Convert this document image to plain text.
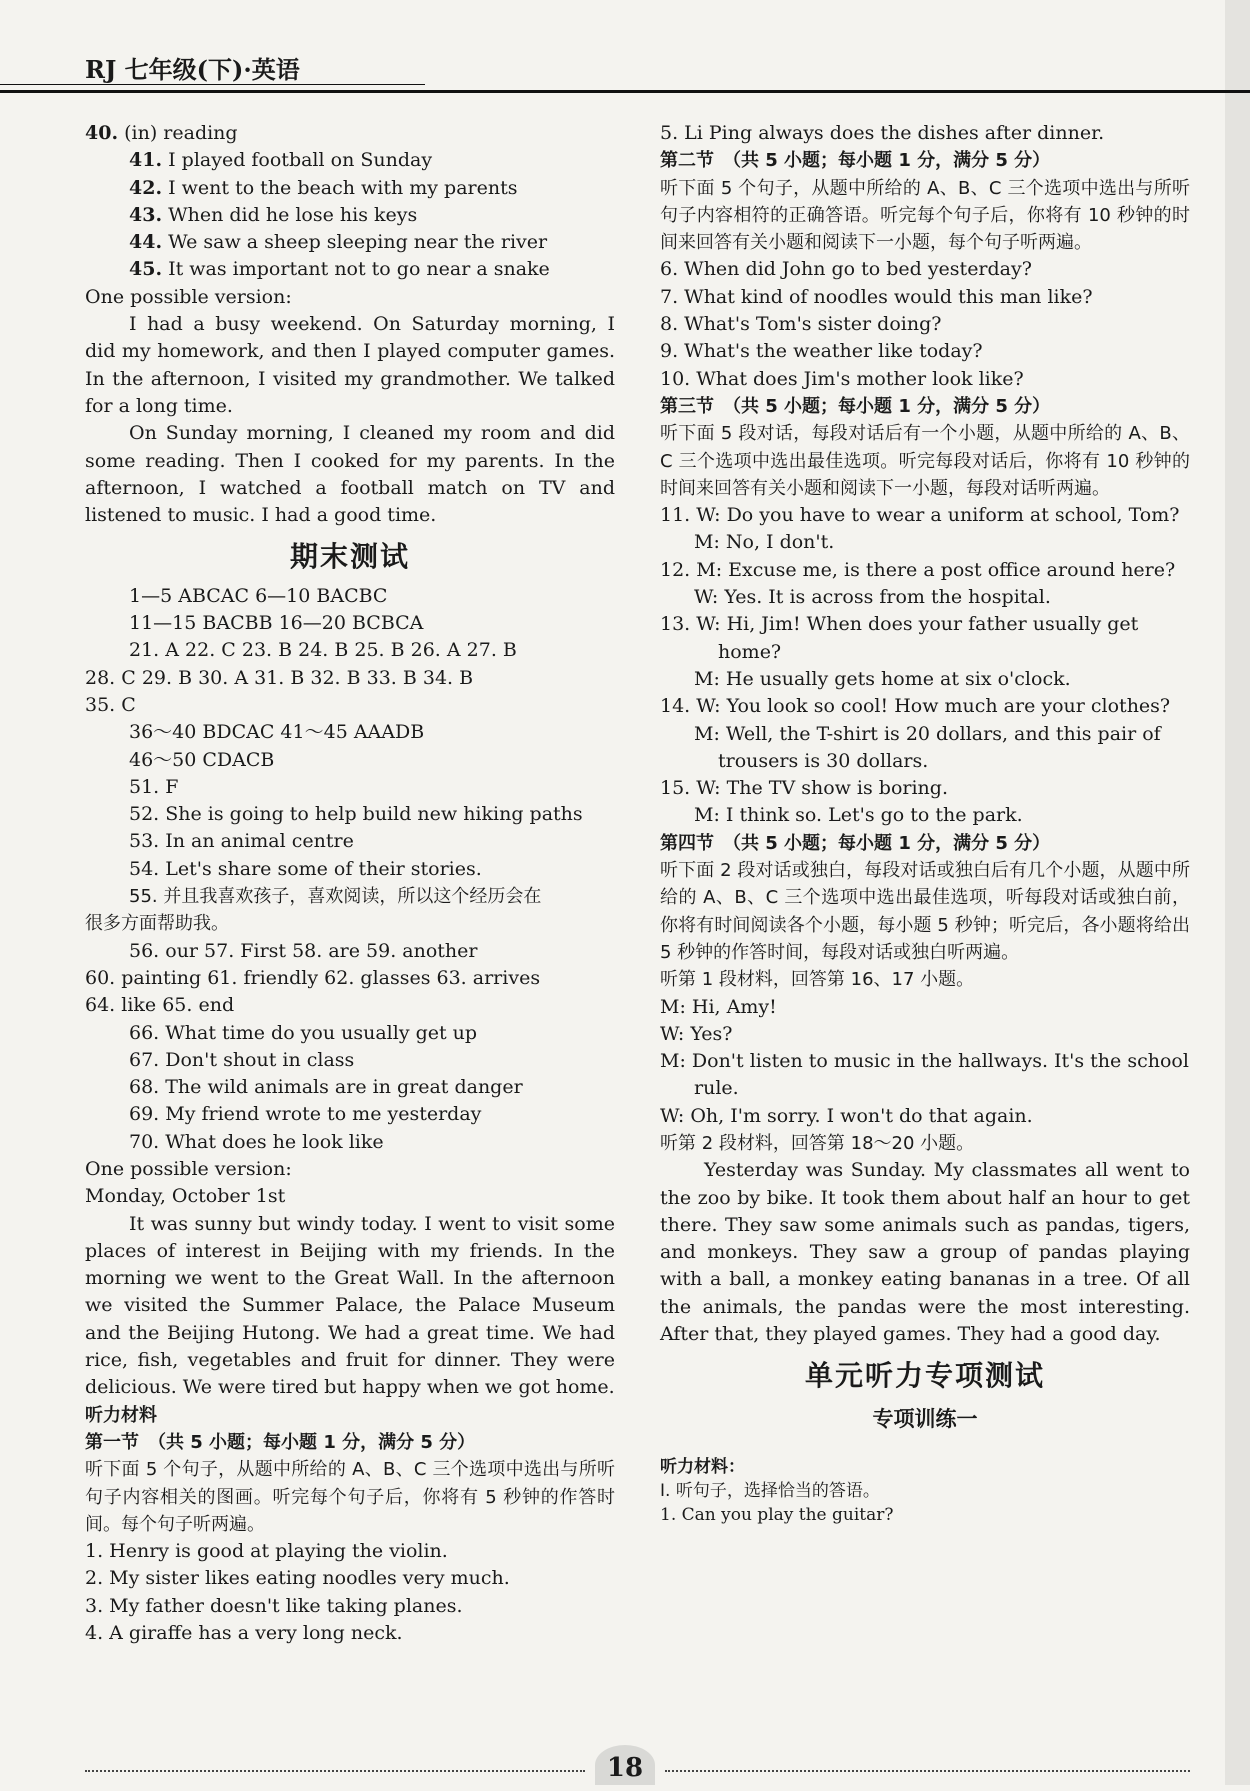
RJ 七年级(下)·英语
40. (in) reading
41. I played football on Sunday
42. I went to the beach with my parents
43. When did he lose his keys
44. We saw a sheep sleeping near the river
45. It was important not to go near a snake
One possible version:
I had a busy weekend. On Saturday morning, I did my homework, and then I played computer games. In the afternoon, I visited my grandmother. We talked for a long time.
On Sunday morning, I cleaned my room and did some reading. Then I cooked for my parents. In the afternoon, I watched a football match on TV and listened to music. I had a good time.
期末测试
1—5 ABCAC 6—10 BACBC
11—15 BACBB 16—20 BCBCA
21. A 22. C 23. B 24. B 25. B 26. A 27. B
28. C 29. B 30. A 31. B 32. B 33. B 34. B
35. C
36～40 BDCAC 41～45 AAADB
46～50 CDACB
51. F
52. She is going to help build new hiking paths
53. In an animal centre
54. Let's share some of their stories.
55. 并且我喜欢孩子，喜欢阅读，所以这个经历会在
很多方面帮助我。
56. our 57. First 58. are 59. another
60. painting 61. friendly 62. glasses 63. arrives
64. like 65. end
66. What time do you usually get up
67. Don't shout in class
68. The wild animals are in great danger
69. My friend wrote to me yesterday
70. What does he look like
One possible version:
Monday, October 1st
It was sunny but windy today. I went to visit some places of interest in Beijing with my friends. In the morning we went to the Great Wall. In the afternoon we visited the Summer Palace, the Palace Museum and the Beijing Hutong. We had a great time. We had rice, fish, vegetables and fruit for dinner. They were delicious. We were tired but happy when we got home.
听力材料
第一节　（共 5 小题；每小题 1 分，满分 5 分）
听下面 5 个句子，从题中所给的 A、B、C 三个选项中选出与所听句子内容相关的图画。听完每个句子后，你将有 5 秒钟的作答时间。每个句子听两遍。
1. Henry is good at playing the violin.
2. My sister likes eating noodles very much.
3. My father doesn't like taking planes.
4. A giraffe has a very long neck.
5. Li Ping always does the dishes after dinner.
第二节　（共 5 小题；每小题 1 分，满分 5 分）
听下面 5 个句子，从题中所给的 A、B、C 三个选项中选出与所听句子内容相符的正确答语。听完每个句子后，你将有 10 秒钟的时间来回答有关小题和阅读下一小题，每个句子听两遍。
6. When did John go to bed yesterday?
7. What kind of noodles would this man like?
8. What's Tom's sister doing?
9. What's the weather like today?
10. What does Jim's mother look like?
第三节　（共 5 小题；每小题 1 分，满分 5 分）
听下面 5 段对话，每段对话后有一个小题，从题中所给的 A、B、C 三个选项中选出最佳选项。听完每段对话后，你将有 10 秒钟的时间来回答有关小题和阅读下一小题，每段对话听两遍。
11. W: Do you have to wear a uniform at school, Tom?
M: No, I don't.
12. M: Excuse me, is there a post office around here?
W: Yes. It is across from the hospital.
13. W: Hi, Jim! When does your father usually get
home?
M: He usually gets home at six o'clock.
14. W: You look so cool! How much are your clothes?
M: Well, the T-shirt is 20 dollars, and this pair of
trousers is 30 dollars.
15. W: The TV show is boring.
M: I think so. Let's go to the park.
第四节　（共 5 小题；每小题 1 分，满分 5 分）
听下面 2 段对话或独白，每段对话或独白后有几个小题，从题中所给的 A、B、C 三个选项中选出最佳选项，听每段对话或独白前，你将有时间阅读各个小题，每小题 5 秒钟；听完后，各小题将给出 5 秒钟的作答时间，每段对话或独白听两遍。
听第 1 段材料，回答第 16、17 小题。
M: Hi, Amy!
W: Yes?
M: Don't listen to music in the hallways. It's the school
rule.
W: Oh, I'm sorry. I won't do that again.
听第 2 段材料，回答第 18～20 小题。
Yesterday was Sunday. My classmates all went to the zoo by bike. It took them about half an hour to get there. They saw some animals such as pandas, tigers, and monkeys. They saw a group of pandas playing with a ball, a monkey eating bananas in a tree. Of all the animals, the pandas were the most interesting. After that, they played games. They had a good day.
单元听力专项测试
专项训练一
听力材料：
Ⅰ. 听句子，选择恰当的答语。
1. Can you play the guitar?
18
